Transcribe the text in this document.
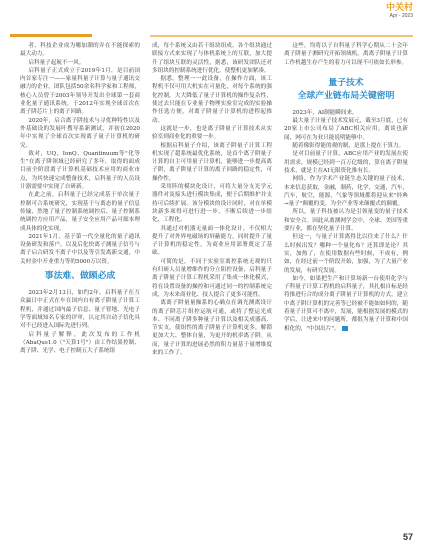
中关村
Apr - 2023

者、科技企业成为哪加潮的弄在不能探索的最大动力。

启科量子起航不一风。

启科量子正式成立于2019年1月，是目前国内首家专注一——家量科量子计算与量子通讯交融力的企业。团队包括50余名科学家和工程师，核心人员曾于2003年领导开发出全球第一套商业化量子通讯系统，于2012年实现全球首次在离子阱芯片上的离子回路。

2020年，启合离子阱技术与寻优种特性以及外基础设的发展叶搜导系新测试，并初在2020年中实现了全球首次实现离子量子计算机的研究。

致对，UQ，IonQ、Quantinuum等"化等生"在离子阱领域已经研究了多年，取得的面成目前全阶段离子计算机基础技术应用的商业市点，为其快速完成整备技术，启科量子的人员设计器需要中实现了自研新。

在此之前，启科量子已经完成基于单次量子控制可合系统研究，实现基于与离态的量子信息传输、然地了量子控制系统调控后、量子控制系统调控方应用产品，量子安全应用产品可细本理成具体的化实现。

2021年1月，基于第一代全量化的量子通讯设备研发和落户，以及后化快离子测量子信号与离子启合研发不离子中以及等引发离新交通，中关村金中开业重力等的5000万以资。

事法难、做顾必成

2023年2月13日，如约2年，启科量子在互众赢日中正式在车在国内自有离子阱量子计算工程机，并通过国内最子信息、量子智地、光电子学等面域知名专家的评审，认定其自动子信化具对不已经进入国际先进行列。

启科量子解释，此次发布的工作机（AbaQus1.0（"天算1号"）由工作结果控制、离子阱、光学、电子控制五大子系统组

成，每个系统又由若干组块组成，各个组块通过联接方式来实现了与体机系统上的互联，加大提升了组块互联的灵活性，据悉，该研发团队还对多组块的控制系统进行优化，使整机更加紧凑。

据悉，整理一一此设备，在操作方面，该工程机不仅可用大机实在可量化，对每个系统的强化控制，大大降低了量子计算机的操作复杂性，使过去只能在专业量子物理实验室完成的实验操作任选方便，对离子阱量子计算机的进程起推动。

这就是一步，也是离子阱量子计算技术从实验室到商业化的重要一步。

根据启科量子介绍，该离子阱量子计算工程机实现了超系统最优化系统，是首个离子阱量子计算的自主可用量子计算机，能够进一步提高离子阱，离子阱量子计算的离子回路的稳定性，可操作性。

采用阵的模块化设计，可将大量分支光学元器件对及接头进行模块集成，便于后期维护并支持可后续扩展。该分模块的设计同时，对在单模块新多项得可进行进一步，不断后续进一步组化、工程化。

其通过对机器无量面一体化设计，不仅相大提升了对外界电磁场的屏蔽能力，同时提升了量子计算机的稳定性，为商业应用部署奠定了基础。

可简的是，不同于实验室离控系统无观的只有归研人员量增维作的分立阻控设备，启科量子离子阱量子计算工程机采用了集成一体化模式，将在设置设备的操控和可通过同一的控制系统完成，为未来商业化、技人提合了更多可能性。

离离子阱量量操系的心确点在调光测离设计的离子阱芯片组控运航可通，或将了整运光成本、不同离子阱多种量子计算以及相关成器高、节实支，使组性的离子阱量子计算机更多，解锁更加大大、整体自量，为更开的机率离子阱。从而，量子计算的进展必然的积力量基于量增维度来的工作了。

这些，均将以子自科量子科学心期从二十会年离子阱量子测研究开拓领域机。离离子阱量子计算工作机越生存产生的着力可以现不可依如长形参。

量子技术
全球产业链布局关键密明

2023年，AI制能瞬间来。

最大量子计量子技术发展元，截至3月底，已有20家上市公司布局了ABC相关应用。离谈也新闻，网可在为业只能说明能够中。

随着像影得能的观的制，是那上提在于算力。

是对目前量子计算，ABC应用产业的发展在使用需求，规模已经到一百万亿级的，算在离子阱量技术，就是主在AI无限资化推有长。

网络，作为学术产业链生态关键的量子技术，本来信息获取，金融，制药，化学，交通，汽车，汽车，航空，能源，气象等领域都将迎从来"经典→量子"颠覆的变，为全产业等来颠覆式的颠覆。

所以，量子科技被认为是引领量变的量子技术和安全合。因此从离测网学会中，全球、美国等重要行业，都在坚化量子计算。

但这一，与量子计算离得比以往来了什么？什么时候出发？哪种一个量化布？还算即是论？其实，加热了，在使用数据有些时候，不成有，例如，在经过前一个阶段开始，加强，为了大量产业的发展，有研究发展。

如今，如果把生产和计算场新一台使用化学与子科量子计算工程机的启科量子，其扎根自标是经将推进行合的成分离子阱量子计算机的方式，建立中离子阱计算机的完善等已经被不能如如何的，随着量子计算可不离中，发展，能根据发展的模式的学后，让进来中的问题所，都很为量子计算和中国相化的，"中国出片"。

57
